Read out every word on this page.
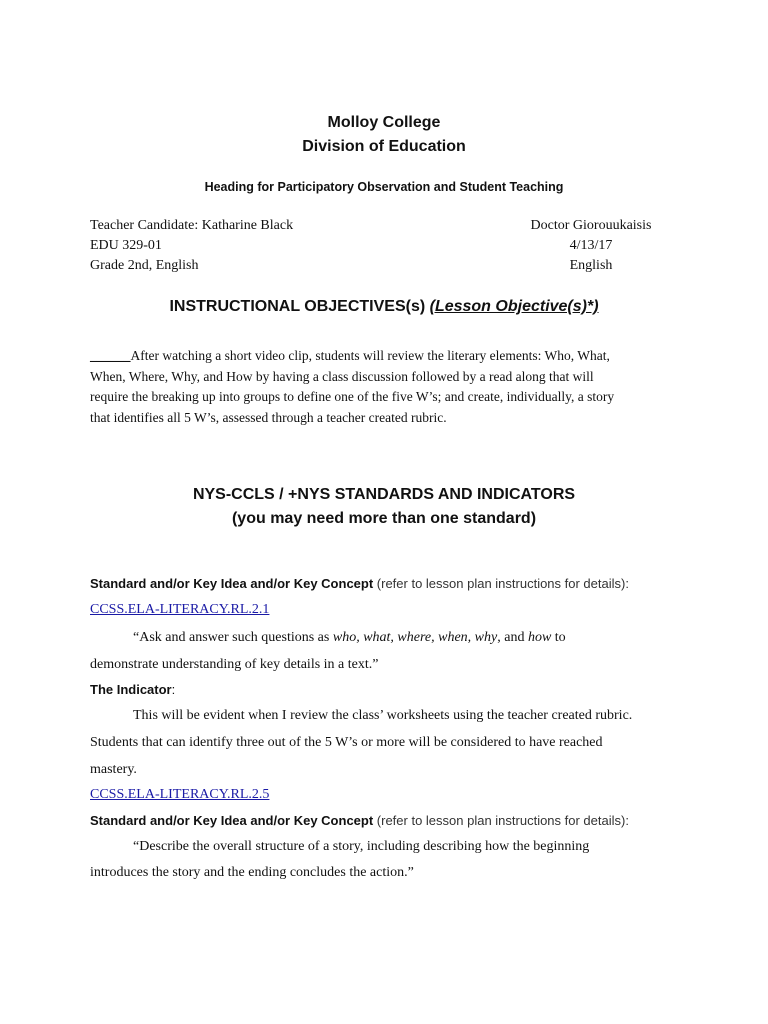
Molloy College
Division of Education
Heading for Participatory Observation and Student Teaching
Teacher Candidate: Katharine Black
EDU 329-01
Grade 2nd, English
Doctor Giorouukaisis
4/13/17
English
INSTRUCTIONAL OBJECTIVES(s) (Lesson Objective(s)*)
______After watching a short video clip, students will review the literary elements: Who, What,
When, Where, Why, and How by having a class discussion followed by a read along that will
require the breaking up into groups to define one of the five W’s; and create, individually, a story
that identifies all 5 W’s, assessed through a teacher created rubric.
NYS-CCLS / +NYS STANDARDS AND INDICATORS
(you may need more than one standard)
Standard and/or Key Idea and/or Key Concept (refer to lesson plan instructions for details):
CCSS.ELA-LITERACY.RL.2.1
“Ask and answer such questions as who, what, where, when, why, and how to
demonstrate understanding of key details in a text.”
The Indicator:
This will be evident when I review the class’ worksheets using the teacher created rubric.
Students that can identify three out of the 5 W’s or more will be considered to have reached
mastery.
CCSS.ELA-LITERACY.RL.2.5
Standard and/or Key Idea and/or Key Concept (refer to lesson plan instructions for details):
“Describe the overall structure of a story, including describing how the beginning
introduces the story and the ending concludes the action.”
